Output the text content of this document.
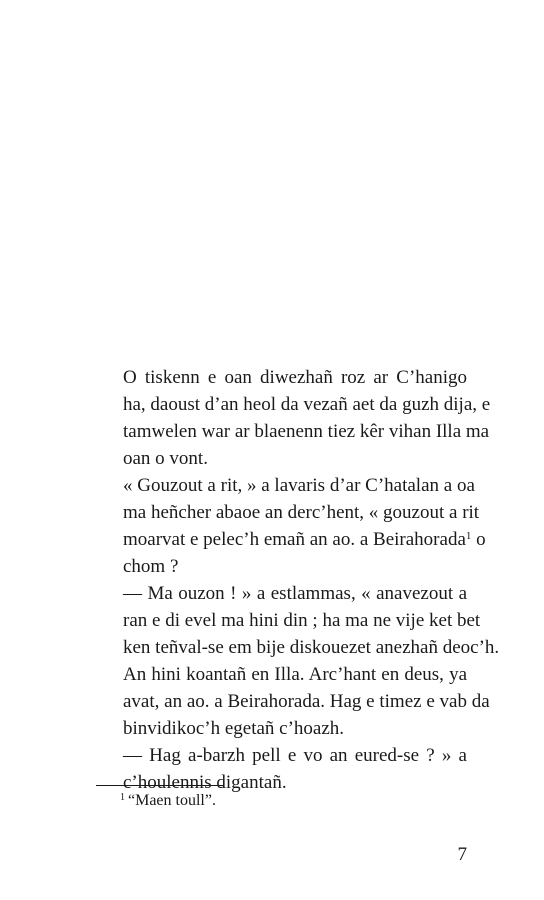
O tiskenn e oan diwezhañ roz ar C’hanigo
ha, daoust d’an heol da vezañ aet da guzh dija, e
tamwelen war ar blaenenn tiez kêr vihan Illa ma
oan o vont.

« Gouzout a rit, » a lavaris d’ar C’hatalan a oa
ma heñcher abaoe an derc’hent, « gouzout a rit
moarvat e pelec’h emañ an ao. a Beirahorada$^1$ o
chom ?

— Ma ouzon ! » a estlammas, « anavezout a
ran e di evel ma hini din ; ha ma ne vije ket bet
ken teñval-se em bije diskouezet anezhañ deoc’h.
An hini koantañ en Illa. Arc’hant en deus, ya
avat, an ao. a Beirahorada. Hag e timez e vab da
binvidikoc’h egetañ c’hoazh.

— Hag a-barzh pell e vo an eured-se ? » a
c’houlennis digantañ.

$^1$ “Maen toull”.
7
